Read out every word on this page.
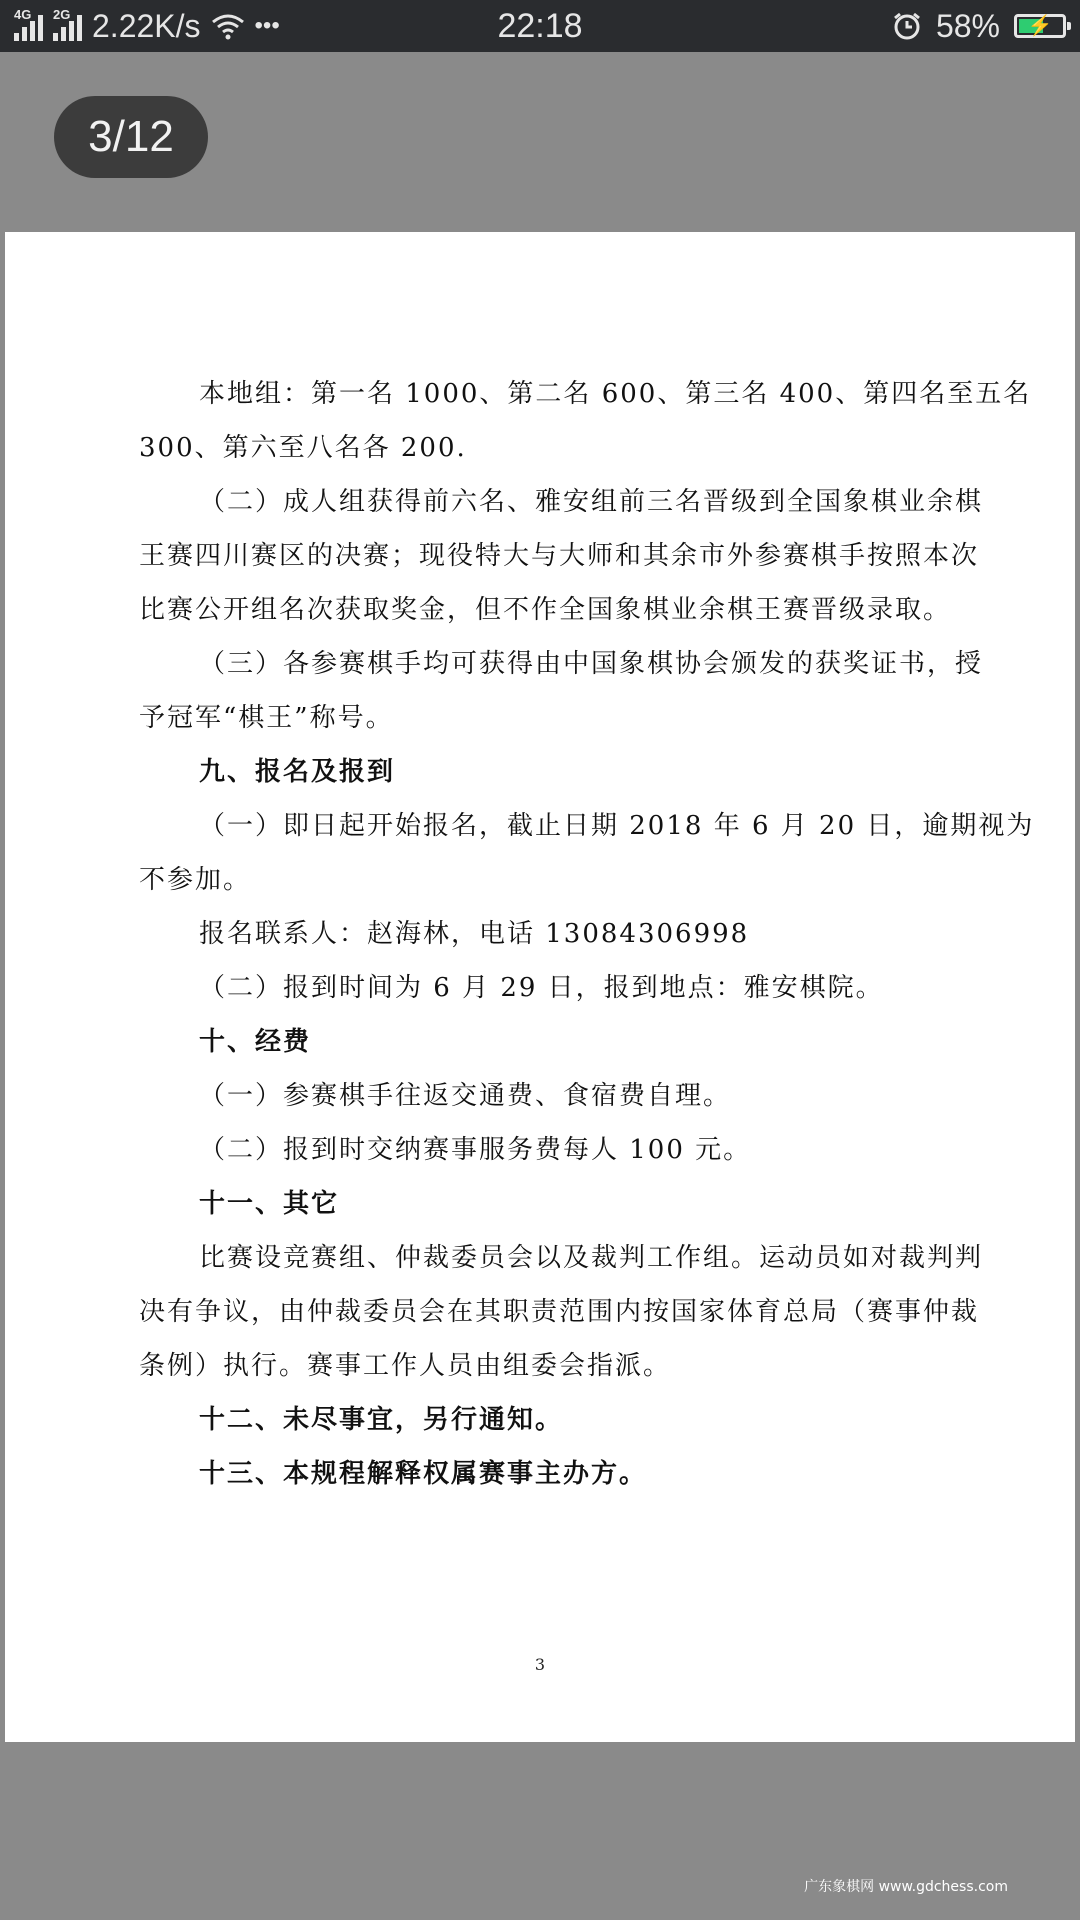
4G 2G 2.22K/s •••	22:18	58%	⚡
3/12
本地组：第一名 1000、第二名 600、第三名 400、第四名至五名
300、第六至八名各 200.
（二）成人组获得前六名、雅安组前三名晋级到全国象棋业余棋
王赛四川赛区的决赛；现役特大与大师和其余市外参赛棋手按照本次
比赛公开组名次获取奖金，但不作全国象棋业余棋王赛晋级录取。
（三）各参赛棋手均可获得由中国象棋协会颁发的获奖证书，授
予冠军“棋王”称号。
九、报名及报到
（一）即日起开始报名，截止日期 2018 年 6 月 20 日，逾期视为
不参加。
报名联系人：赵海林，电话 13084306998
（二）报到时间为 6 月 29 日，报到地点：雅安棋院。
十、经费
（一）参赛棋手往返交通费、食宿费自理。
（二）报到时交纳赛事服务费每人 100 元。
十一、其它
比赛设竞赛组、仲裁委员会以及裁判工作组。运动员如对裁判判
决有争议，由仲裁委员会在其职责范围内按国家体育总局（赛事仲裁
条例）执行。赛事工作人员由组委会指派。
十二、未尽事宜，另行通知。
十三、本规程解释权属赛事主办方。
3
广东象棋网 www.gdchess.com
